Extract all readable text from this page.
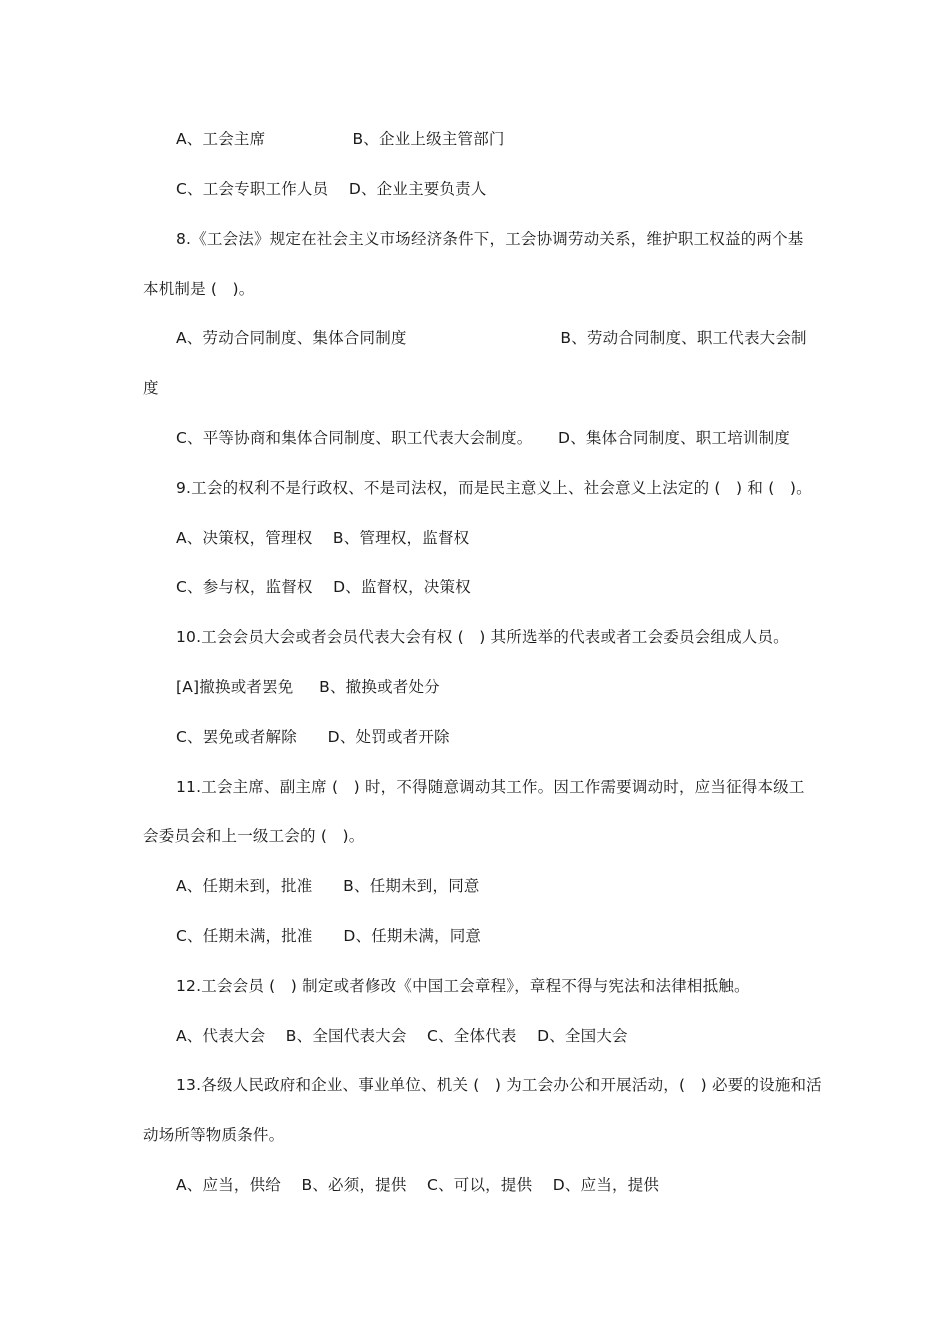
A、工会主席                 B、企业上级主管部门
C、工会专职工作人员    D、企业主要负责人
8.《工会法》规定在社会主义市场经济条件下，工会协调劳动关系，维护职工权益的两个基
本机制是 (   )。
A、劳动合同制度、集体合同制度                              B、劳动合同制度、职工代表大会制
度
C、平等协商和集体合同制度、职工代表大会制度。     D、集体合同制度、职工培训制度
9.工会的权利不是行政权、不是司法权，而是民主意义上、社会意义上法定的 (   ) 和 (   )。
A、决策权，管理权    B、管理权，监督权
C、参与权，监督权    D、监督权，决策权
10.工会会员大会或者会员代表大会有权 (   ) 其所选举的代表或者工会委员会组成人员。
[A]撤换或者罢免     B、撤换或者处分
C、罢免或者解除      D、处罚或者开除
11.工会主席、副主席 (   ) 时，不得随意调动其工作。因工作需要调动时，应当征得本级工
会委员会和上一级工会的 (   )。
A、任期未到，批准      B、任期未到，同意
C、任期未满，批准      D、任期未满，同意
12.工会会员 (   ) 制定或者修改《中国工会章程》，章程不得与宪法和法律相抵触。
A、代表大会    B、全国代表大会    C、全体代表    D、全国大会
13.各级人民政府和企业、事业单位、机关 (   ) 为工会办公和开展活动，(   ) 必要的设施和活
动场所等物质条件。
A、应当，供给    B、必须，提供    C、可以，提供    D、应当，提供
